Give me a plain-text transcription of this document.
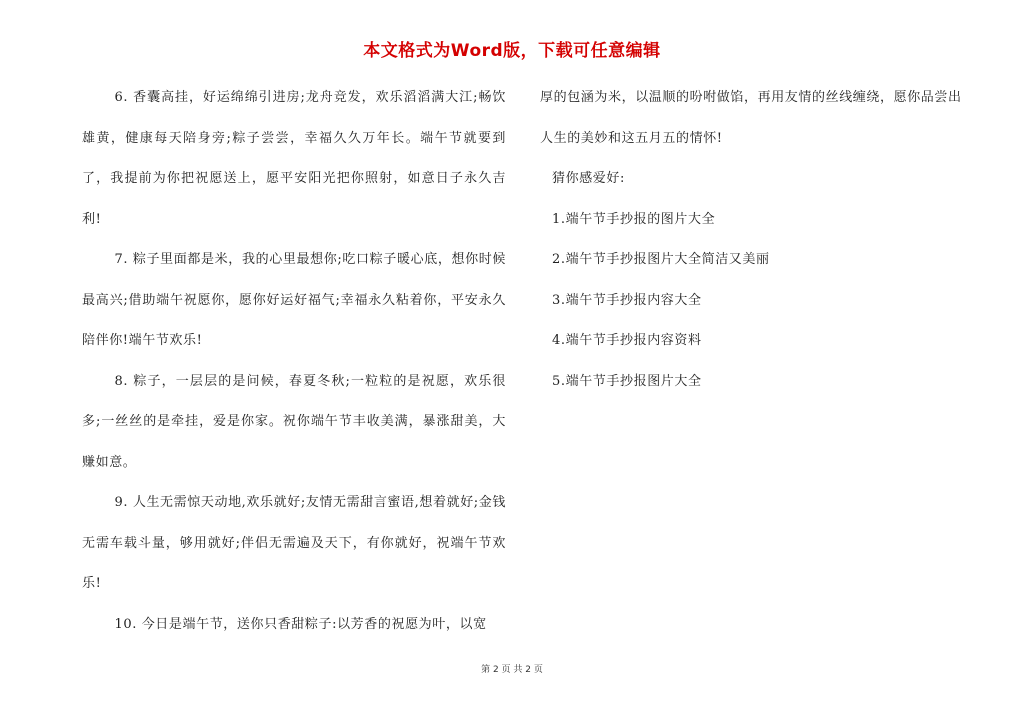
本文格式为Word版，下载可任意编辑

6. 香囊高挂，好运绵绵引进房;龙舟竞发，欢乐滔滔满大江;畅饮雄黄，健康每天陪身旁;粽子尝尝，幸福久久万年长。端午节就要到了，我提前为你把祝愿送上，愿平安阳光把你照射，如意日子永久吉利!

7. 粽子里面都是米，我的心里最想你;吃口粽子暖心底，想你时候最高兴;借助端午祝愿你，愿你好运好福气;幸福永久粘着你，平安永久陪伴你!端午节欢乐!

8. 粽子，一层层的是问候，春夏冬秋;一粒粒的是祝愿，欢乐很多;一丝丝的是牵挂，爱是你家。祝你端午节丰收美满，暴涨甜美，大赚如意。

9. 人生无需惊天动地,欢乐就好;友情无需甜言蜜语,想着就好;金钱无需车载斗量，够用就好;伴侣无需遍及天下，有你就好，祝端午节欢乐!

10. 今日是端午节，送你只香甜粽子:以芳香的祝愿为叶，以宽

厚的包涵为米，以温顺的吩咐做馅，再用友情的丝线缠绕，愿你品尝出人生的美妙和这五月五的情怀!

猜你感爱好:

1.端午节手抄报的图片大全
2.端午节手抄报图片大全简洁又美丽
3.端午节手抄报内容大全
4.端午节手抄报内容资料
5.端午节手抄报图片大全
第 2 页 共 2 页
